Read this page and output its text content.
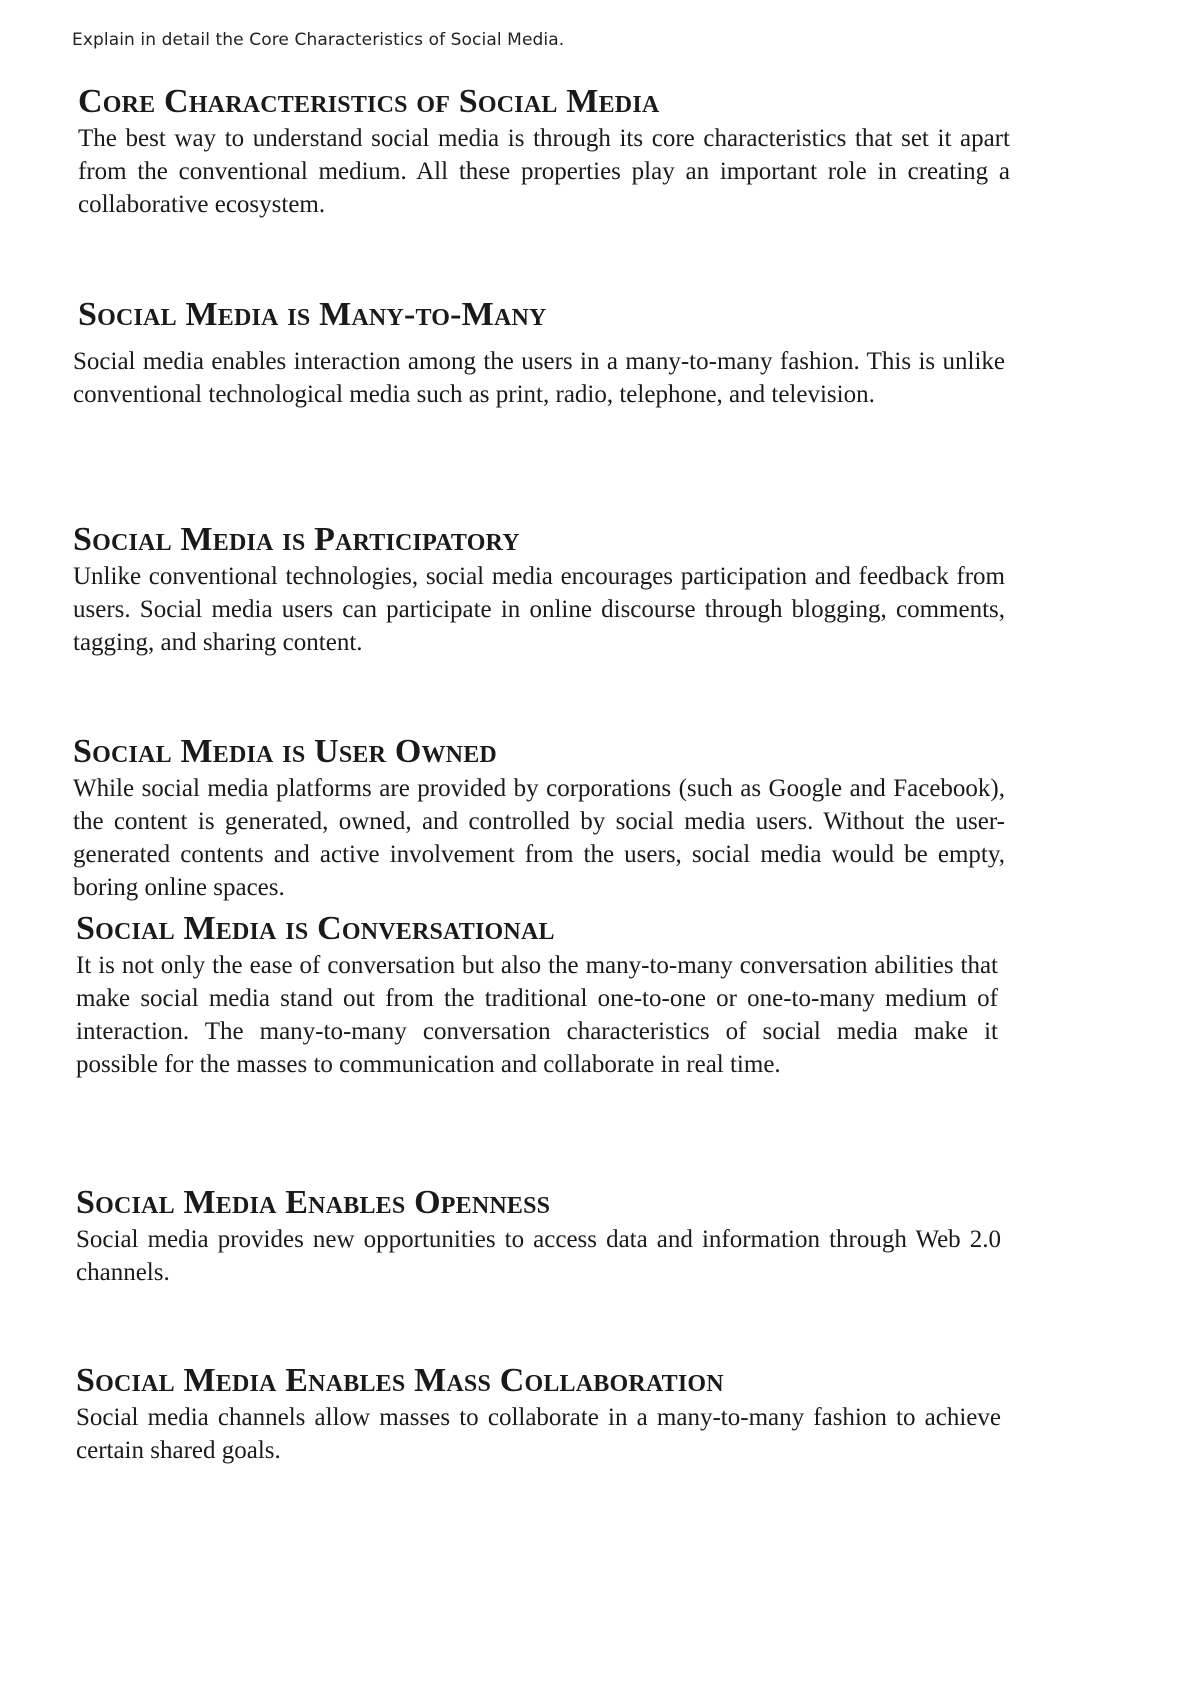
Explain in detail the Core Characteristics of Social Media.
Core Characteristics of Social Media

The best way to understand social media is through its core characteristics that set it apart from the conventional medium. All these properties play an important role in creating a collaborative ecosystem.

Social Media is Many-to-Many

Social media enables interaction among the users in a many-to-many fashion. This is unlike conventional technological media such as print, radio, telephone, and television.

Social Media is Participatory

Unlike conventional technologies, social media encourages participation and feedback from users. Social media users can participate in online discourse through blogging, comments, tagging, and sharing content.

Social Media is User Owned

While social media platforms are provided by corporations (such as Google and Facebook), the content is generated, owned, and controlled by social media users. Without the user-generated contents and active involvement from the users, social media would be empty, boring online spaces.

Social Media is Conversational

It is not only the ease of conversation but also the many-to-many conversation abilities that make social media stand out from the traditional one-to-one or one-to-many medium of interaction. The many-to-many conversation characteristics of social media make it possible for the masses to communication and collaborate in real time.

Social Media Enables Openness

Social media provides new opportunities to access data and information through Web 2.0 channels.

Social Media Enables Mass Collaboration

Social media channels allow masses to collaborate in a many-to-many fashion to achieve certain shared goals.
